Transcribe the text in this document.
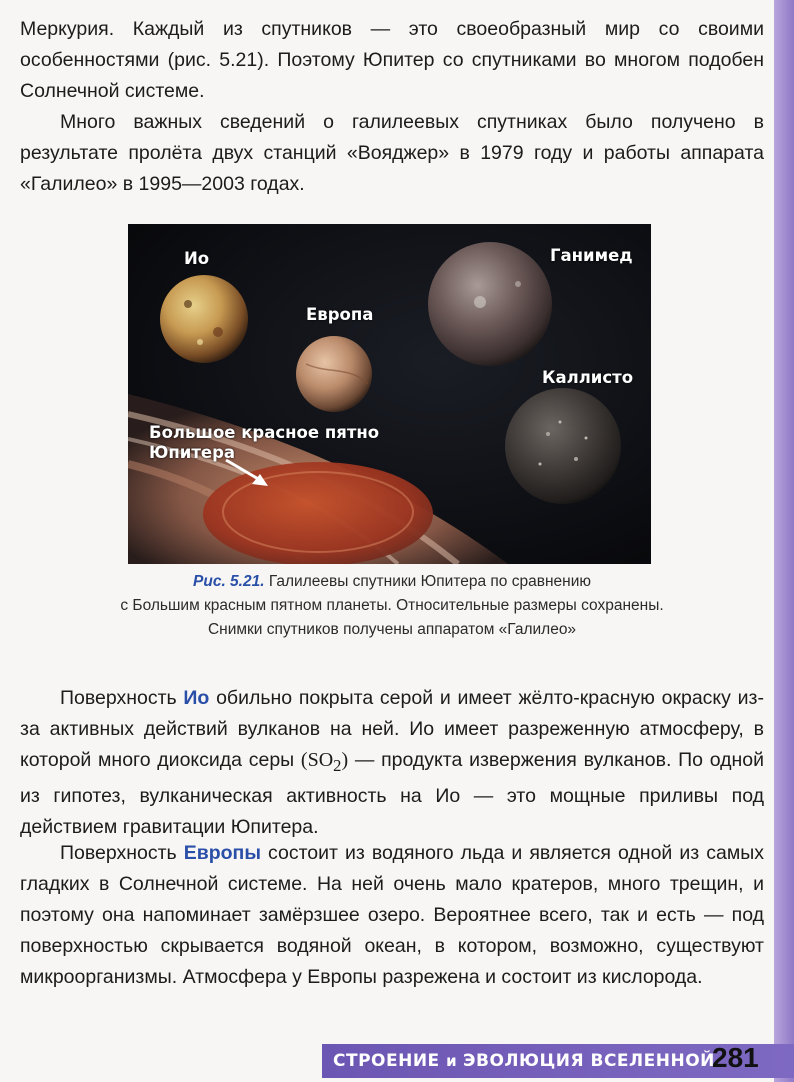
Меркурия. Каждый из спутников — это своеобразный мир со своими особенностями (рис. 5.21). Поэтому Юпитер со спутниками во многом подобен Солнечной системе.

Много важных сведений о галилеевых спутниках было получено в результате пролёта двух станций «Вояджер» в 1979 году и работы аппарата «Галилео» в 1995—2003 годах.

Ио
Европа
Ганимед
Каллисто
Большое красное пятно
Юпитера
Рис. 5.21. Галилеевы спутники Юпитера по сравнению
с Большим красным пятном планеты. Относительные размеры сохранены.
Снимки спутников получены аппаратом «Галилео»

Поверхность Ио обильно покрыта серой и имеет жёлто-красную окраску из-за активных действий вулканов на ней. Ио имеет разреженную атмосферу, в которой много диоксида серы $(SO_2)$ — продукта извержения вулканов. По одной из гипотез, вулканическая активность на Ио — это мощные приливы под действием гравитации Юпитера.

Поверхность Европы состоит из водяного льда и является одной из самых гладких в Солнечной системе. На ней очень мало кратеров, много трещин, и поэтому она напоминает замёрзшее озеро. Вероятнее всего, так и есть — под поверхностью скрывается водяной океан, в котором, возможно, существуют микроорганизмы. Атмосфера у Европы разрежена и состоит из кислорода.

СТРОЕНИЕ и ЭВОЛЮЦИЯ ВСЕЛЕННОЙ
281
